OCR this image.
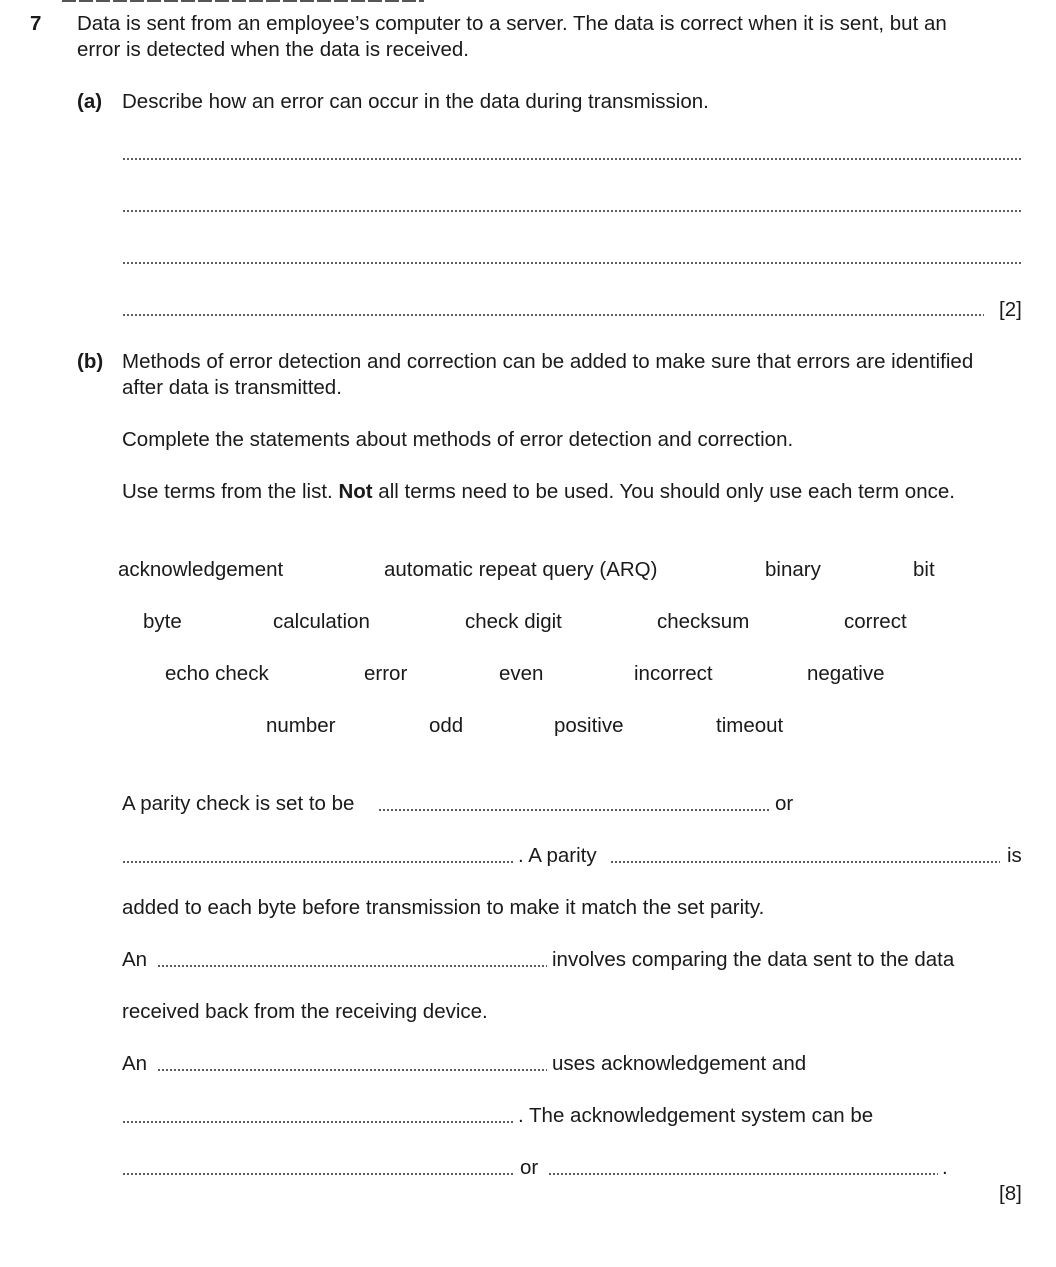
7 Data is sent from an employee’s computer to a server. The data is correct when it is sent, but an
error is detected when the data is received.
(a) Describe how an error can occur in the data during transmission.
[2]
(b) Methods of error detection and correction can be added to make sure that errors are identified
after data is transmitted.
Complete the statements about methods of error detection and correction.
Use terms from the list. Not all terms need to be used. You should only use each term once.
acknowledgement	automatic repeat query (ARQ)	binary	bit
byte	calculation	check digit	checksum	correct
echo check	error	even	incorrect	negative
number	odd	positive	timeout
A parity check is set to be	or
. A parity	is
added to each byte before transmission to make it match the set parity.
An	involves comparing the data sent to the data
received back from the receiving device.
An	uses acknowledgement and
. The acknowledgement system can be
or	.
[8]
